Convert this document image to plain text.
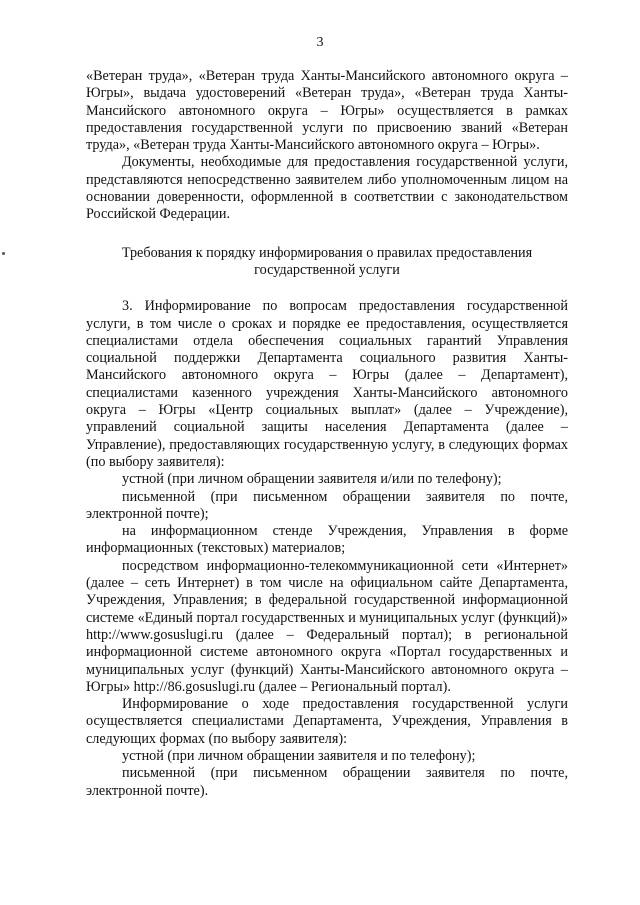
3

«Ветеран труда», «Ветеран труда Ханты-Мансийского автономного округа – Югры», выдача удостоверений «Ветеран труда», «Ветеран труда Ханты-Мансийского автономного округа – Югры» осуществляется в рамках предоставления государственной услуги по присвоению званий «Ветеран труда», «Ветеран труда Ханты-Мансийского автономного округа – Югры».

Документы, необходимые для предоставления государственной услуги, представляются непосредственно заявителем либо уполномоченным лицом на основании доверенности, оформленной в соответствии с законодательством Российской Федерации.

Требования к порядку информирования о правилах предоставления государственной услуги

3. Информирование по вопросам предоставления государственной услуги, в том числе о сроках и порядке ее предоставления, осуществляется специалистами отдела обеспечения социальных гарантий Управления социальной поддержки Департамента социального развития Ханты-Мансийского автономного округа – Югры (далее – Департамент), специалистами казенного учреждения Ханты-Мансийского автономного округа – Югры «Центр социальных выплат» (далее – Учреждение), управлений социальной защиты населения Департамента (далее – Управление), предоставляющих государственную услугу, в следующих формах (по выбору заявителя):

устной (при личном обращении заявителя и/или по телефону);

письменной (при письменном обращении заявителя по почте, электронной почте);

на информационном стенде Учреждения, Управления в форме информационных (текстовых) материалов;

посредством информационно-телекоммуникационной сети «Интернет» (далее – сеть Интернет) в том числе на официальном сайте Департамента, Учреждения, Управления; в федеральной государственной информационной системе «Единый портал государственных и муниципальных услуг (функций)» http://www.gosuslugi.ru (далее – Федеральный портал); в региональной информационной системе автономного округа «Портал государственных и муниципальных услуг (функций) Ханты-Мансийского автономного округа – Югры» http://86.gosuslugi.ru (далее – Региональный портал).

Информирование о ходе предоставления государственной услуги осуществляется специалистами Департамента, Учреждения, Управления в следующих формах (по выбору заявителя):

устной (при личном обращении заявителя и по телефону);

письменной (при письменном обращении заявителя по почте, электронной почте).
